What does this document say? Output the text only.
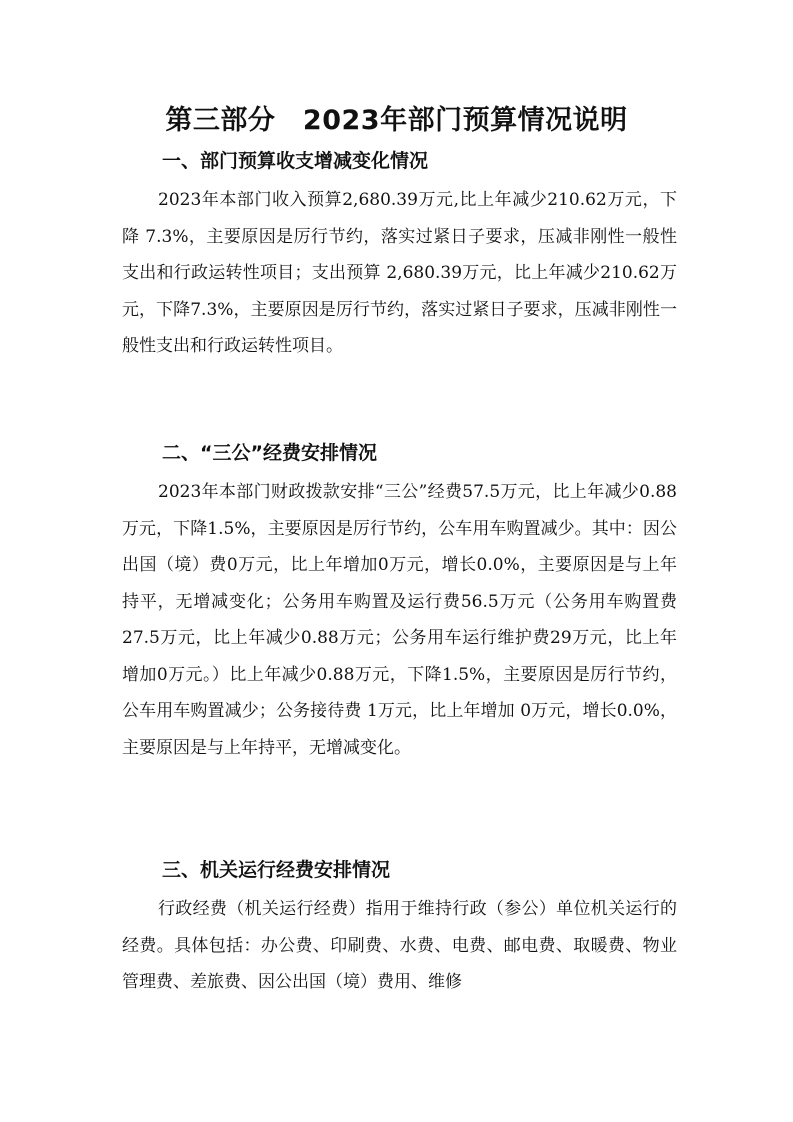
第三部分　2023年部门预算情况说明
一、部门预算收支增减变化情况

2023年本部门收入预算2,680.39万元,比上年减少210.62万元，下降 7.3%，主要原因是厉行节约，落实过紧日子要求，压减非刚性一般性支出和行政运转性项目；支出预算 2,680.39万元，比上年减少210.62万元，下降7.3%，主要原因是厉行节约，落实过紧日子要求，压减非刚性一般性支出和行政运转性项目。

二、“三公”经费安排情况

2023年本部门财政拨款安排“三公”经费57.5万元，比上年减少0.88万元，下降1.5%，主要原因是厉行节约，公车用车购置减少。其中：因公出国（境）费0万元，比上年增加0万元，增长0.0%，主要原因是与上年持平，无增减变化；公务用车购置及运行费56.5万元（公务用车购置费27.5万元，比上年减少0.88万元；公务用车运行维护费29万元，比上年增加0万元。）比上年减少0.88万元，下降1.5%，主要原因是厉行节约，公车用车购置减少；公务接待费 1万元，比上年增加 0万元，增长0.0%，主要原因是与上年持平，无增减变化。

三、机关运行经费安排情况

行政经费（机关运行经费）指用于维持行政（参公）单位机关运行的经费。具体包括：办公费、印刷费、水费、电费、邮电费、取暖费、物业管理费、差旅费、因公出国（境）费用、维修
